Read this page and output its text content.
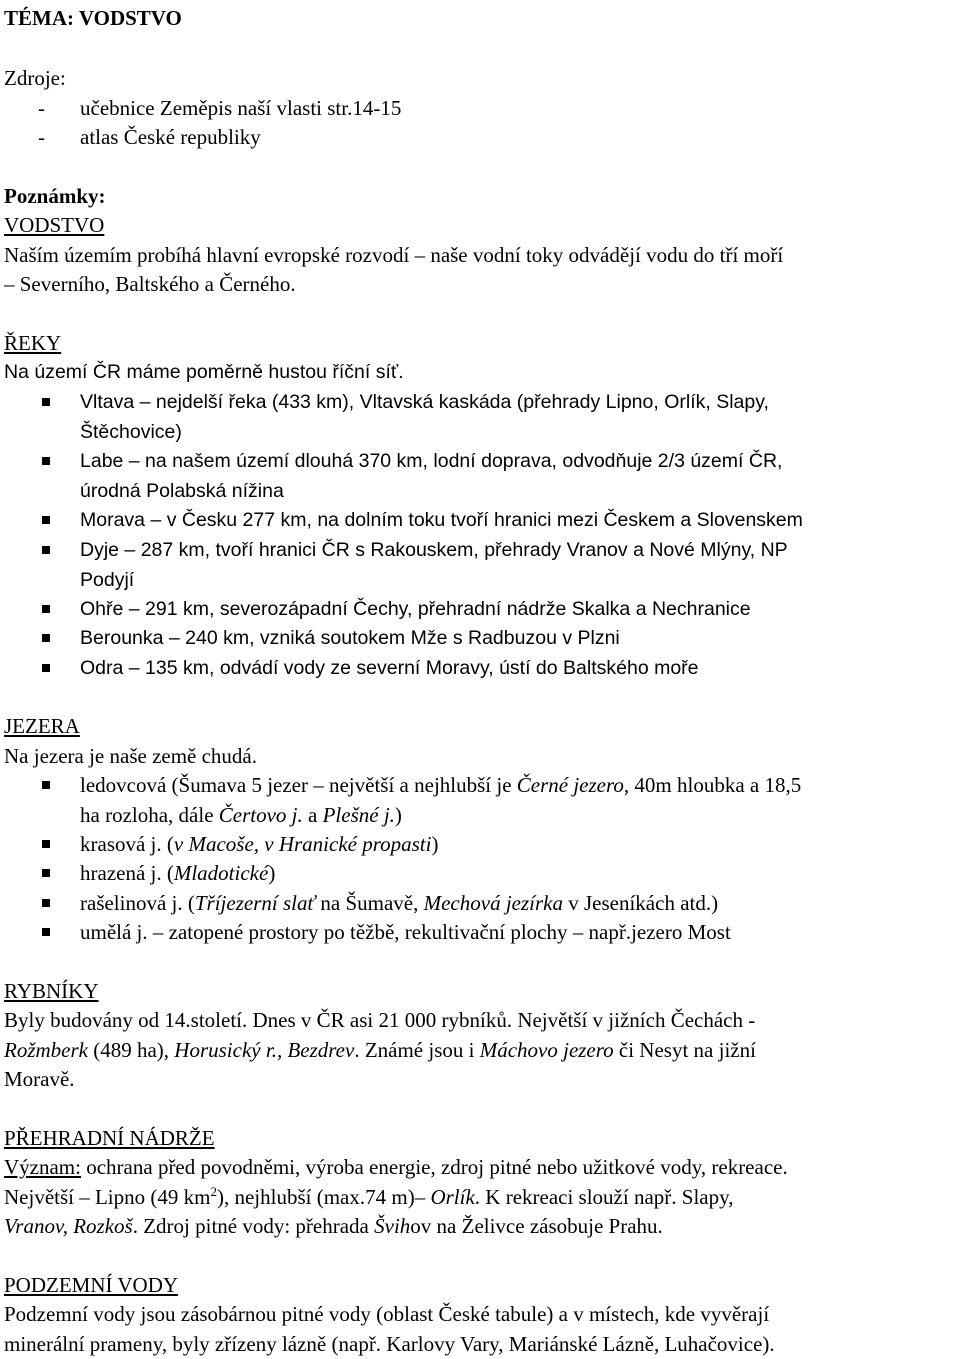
TÉMA: VODSTVO
Zdroje:
- učebnice Zeměpis naší vlasti str.14-15
- atlas České republiky
Poznámky:
VODSTVO
Naším územím probíhá hlavní evropské rozvodí – naše vodní toky odvádějí vodu do tří moří
– Severního, Baltského a Černého.
ŘEKY
Na území ČR máme poměrně hustou říční síť.
Vltava – nejdelší řeka (433 km), Vltavská kaskáda (přehrady Lipno, Orlík, Slapy,
Štěchovice)
Labe – na našem území dlouhá 370 km, lodní doprava, odvodňuje 2/3 území ČR,
úrodná Polabská nížina
Morava – v Česku 277 km, na dolním toku tvoří hranici mezi Českem a Slovenskem
Dyje – 287 km, tvoří hranici ČR s Rakouskem, přehrady Vranov a Nové Mlýny, NP
Podyjí
Ohře – 291 km, severozápadní Čechy, přehradní nádrže Skalka a Nechranice
Berounka – 240 km, vzniká soutokem Mže s Radbuzou v Plzni
Odra – 135 km, odvádí vody ze severní Moravy, ústí do Baltského moře
JEZERA
Na jezera je naše země chudá.
ledovcová (Šumava 5 jezer – největší a nejhlubší je Černé jezero, 40m hloubka a 18,5
ha rozloha, dále Čertovo j. a Plešné j.)
krasová j. (v Macoše, v Hranické propasti)
hrazená j. (Mladotické)
rašelinová j. (Tříjezerní slať na Šumavě, Mechová jezírka v Jeseníkách atd.)
umělá j. – zatopené prostory po těžbě, rekultivační plochy – např.jezero Most
RYBNÍKY
Byly budovány od 14.století. Dnes v ČR asi 21 000 rybníků. Největší v jižních Čechách -
Rožmberk (489 ha), Horusický r., Bezdrev. Známé jsou i Máchovo jezero či Nesyt na jižní
Moravě.
PŘEHRADNÍ NÁDRŽE
Význam: ochrana před povodněmi, výroba energie, zdroj pitné nebo užitkové vody, rekreace.
Největší – Lipno (49 $km^2$), nejhlubší (max.74 m)– Orlík. K rekreaci slouží např. Slapy,
Vranov, Rozkoš. Zdroj pitné vody: přehrada Švihov na Želivce zásobuje Prahu.
PODZEMNÍ VODY
Podzemní vody jsou zásobárnou pitné vody (oblast České tabule) a v místech, kde vyvěrají
minerální prameny, byly zřízeny lázně (např. Karlovy Vary, Mariánské Lázně, Luhačovice).
